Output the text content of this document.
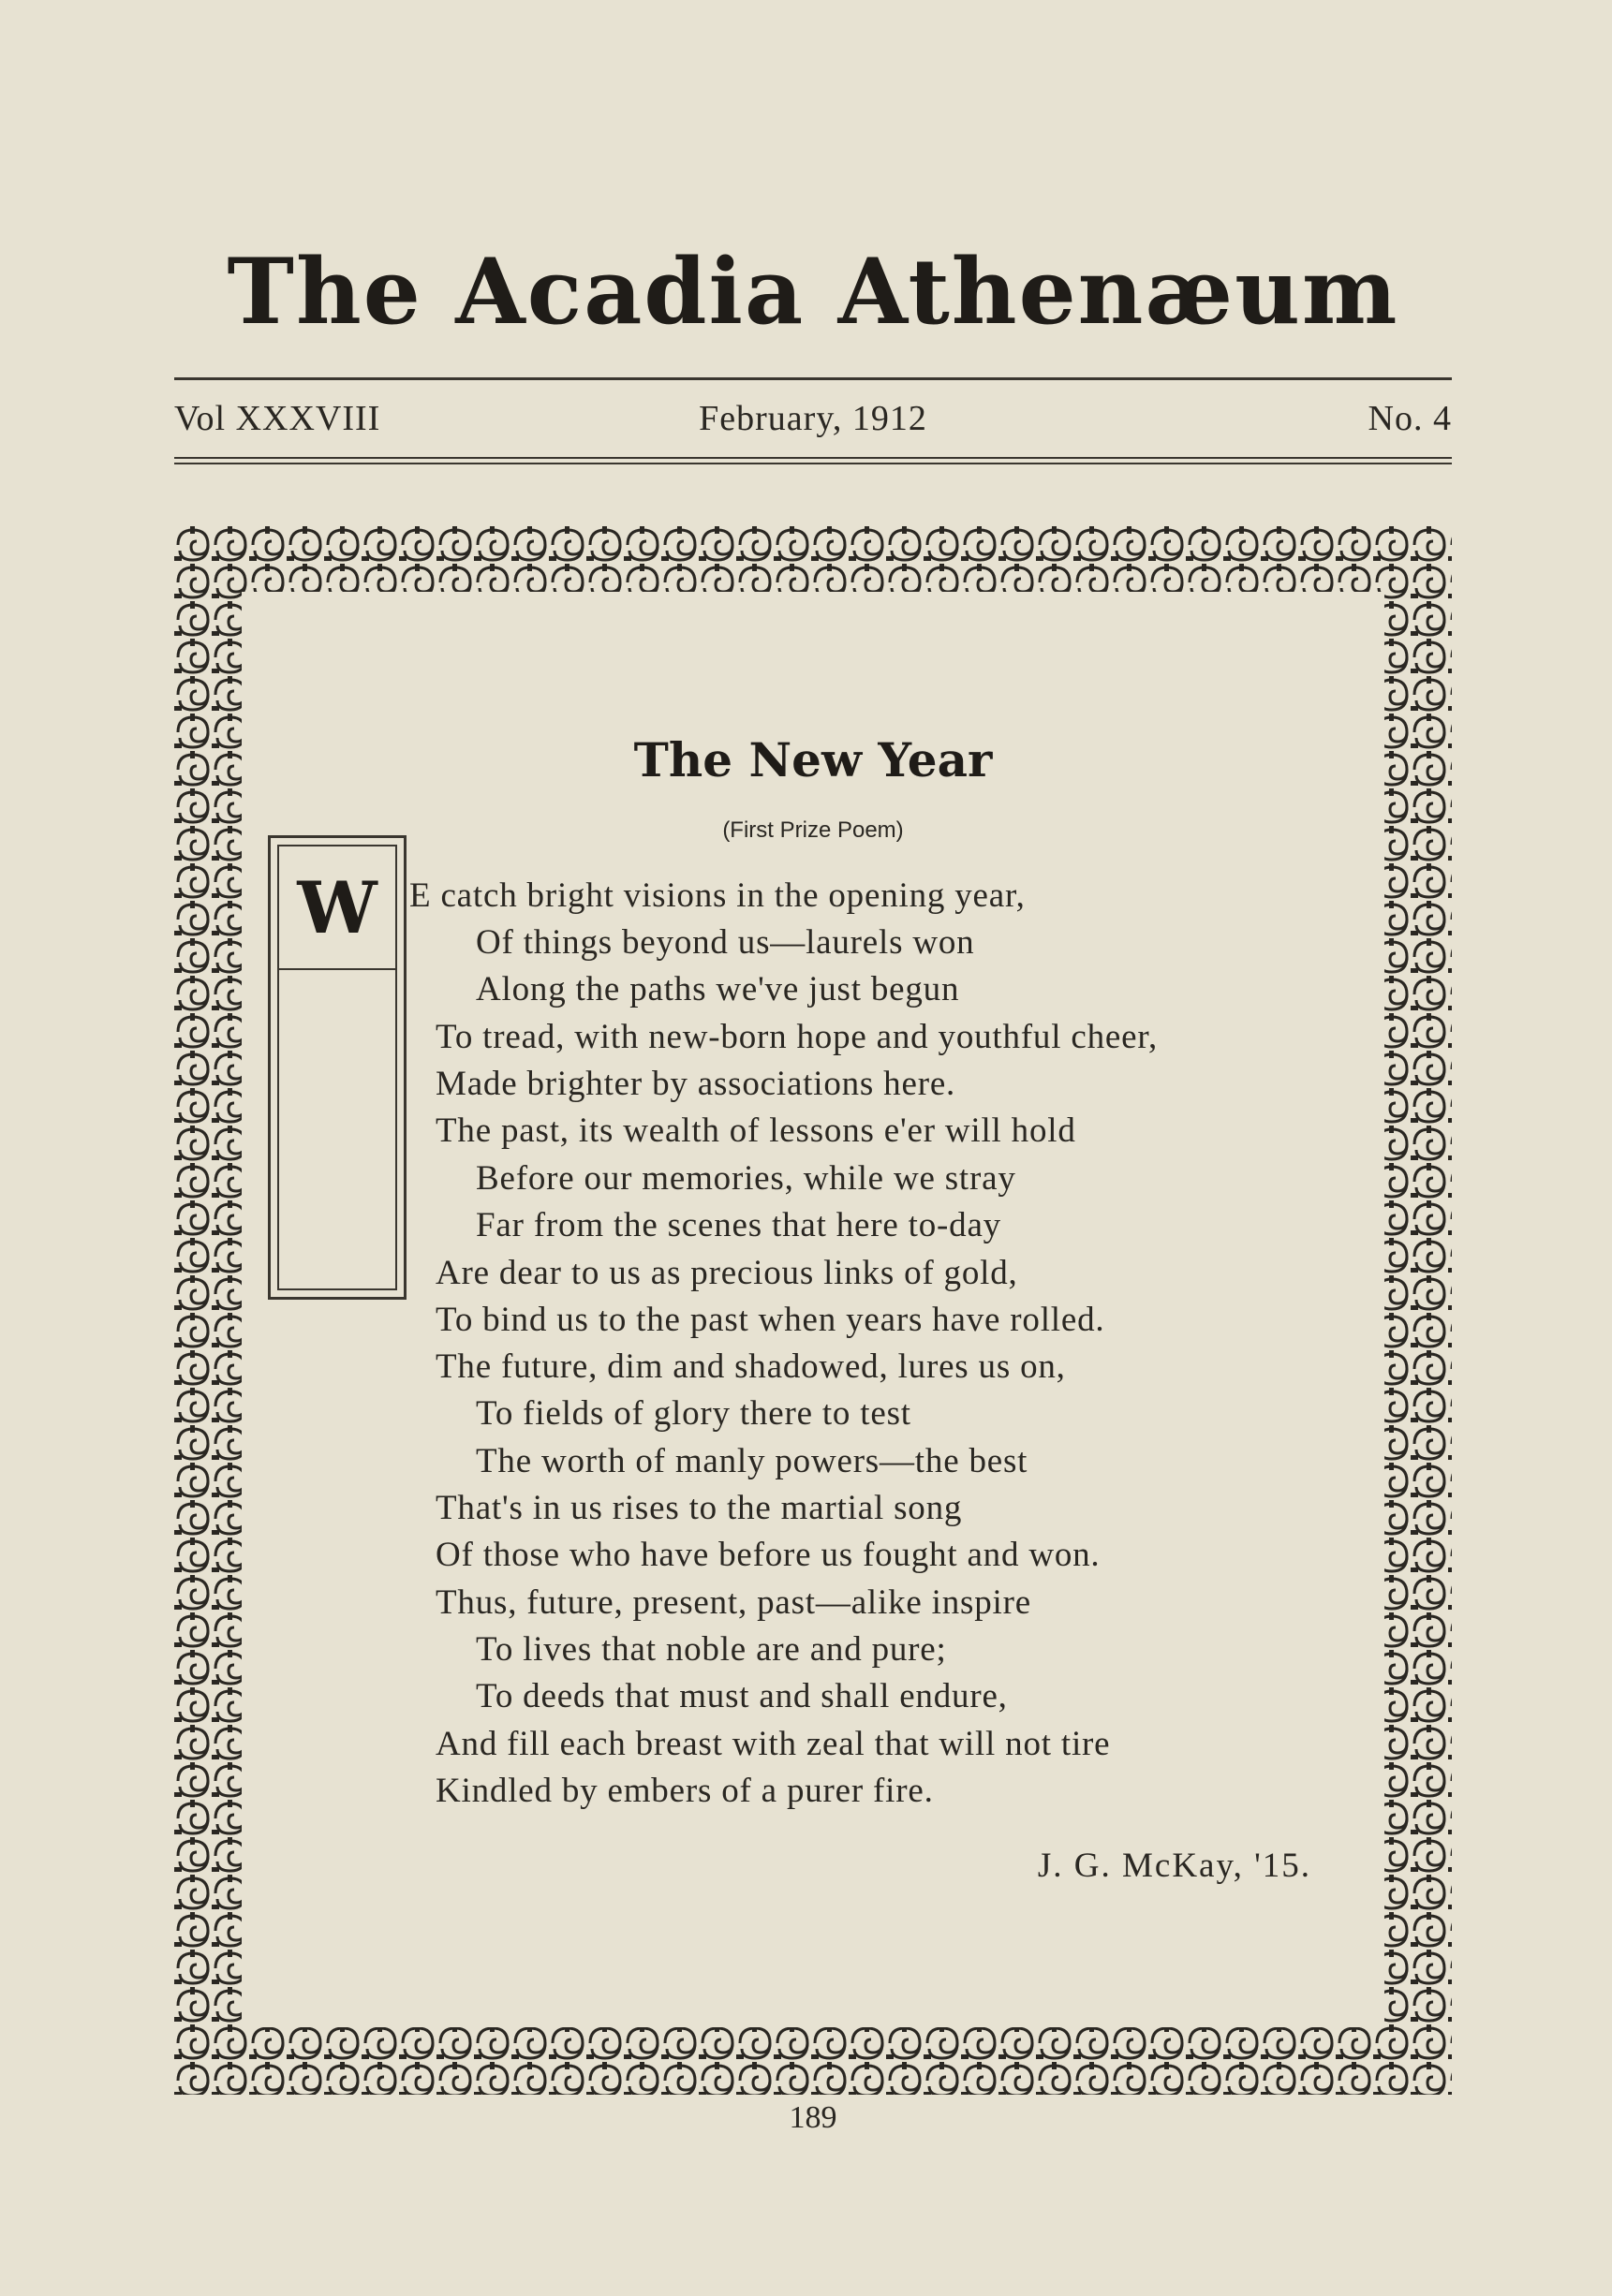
The Acadia Athenæum
Vol XXXVIII	February, 1912	No. 4
The New Year
(First Prize Poem)
W E catch bright visions in the opening year,
Of things beyond us—laurels won
Along the paths we've just begun
To tread, with new-born hope and youthful cheer,
Made brighter by associations here.
The past, its wealth of lessons e'er will hold
Before our memories, while we stray
Far from the scenes that here to-day
Are dear to us as precious links of gold,
To bind us to the past when years have rolled.
The future, dim and shadowed, lures us on,
To fields of glory there to test
The worth of manly powers—the best
That's in us rises to the martial song
Of those who have before us fought and won.
Thus, future, present, past—alike inspire
To lives that noble are and pure;
To deeds that must and shall endure,
And fill each breast with zeal that will not tire
Kindled by embers of a purer fire.
J. G. McKay, '15.
189
